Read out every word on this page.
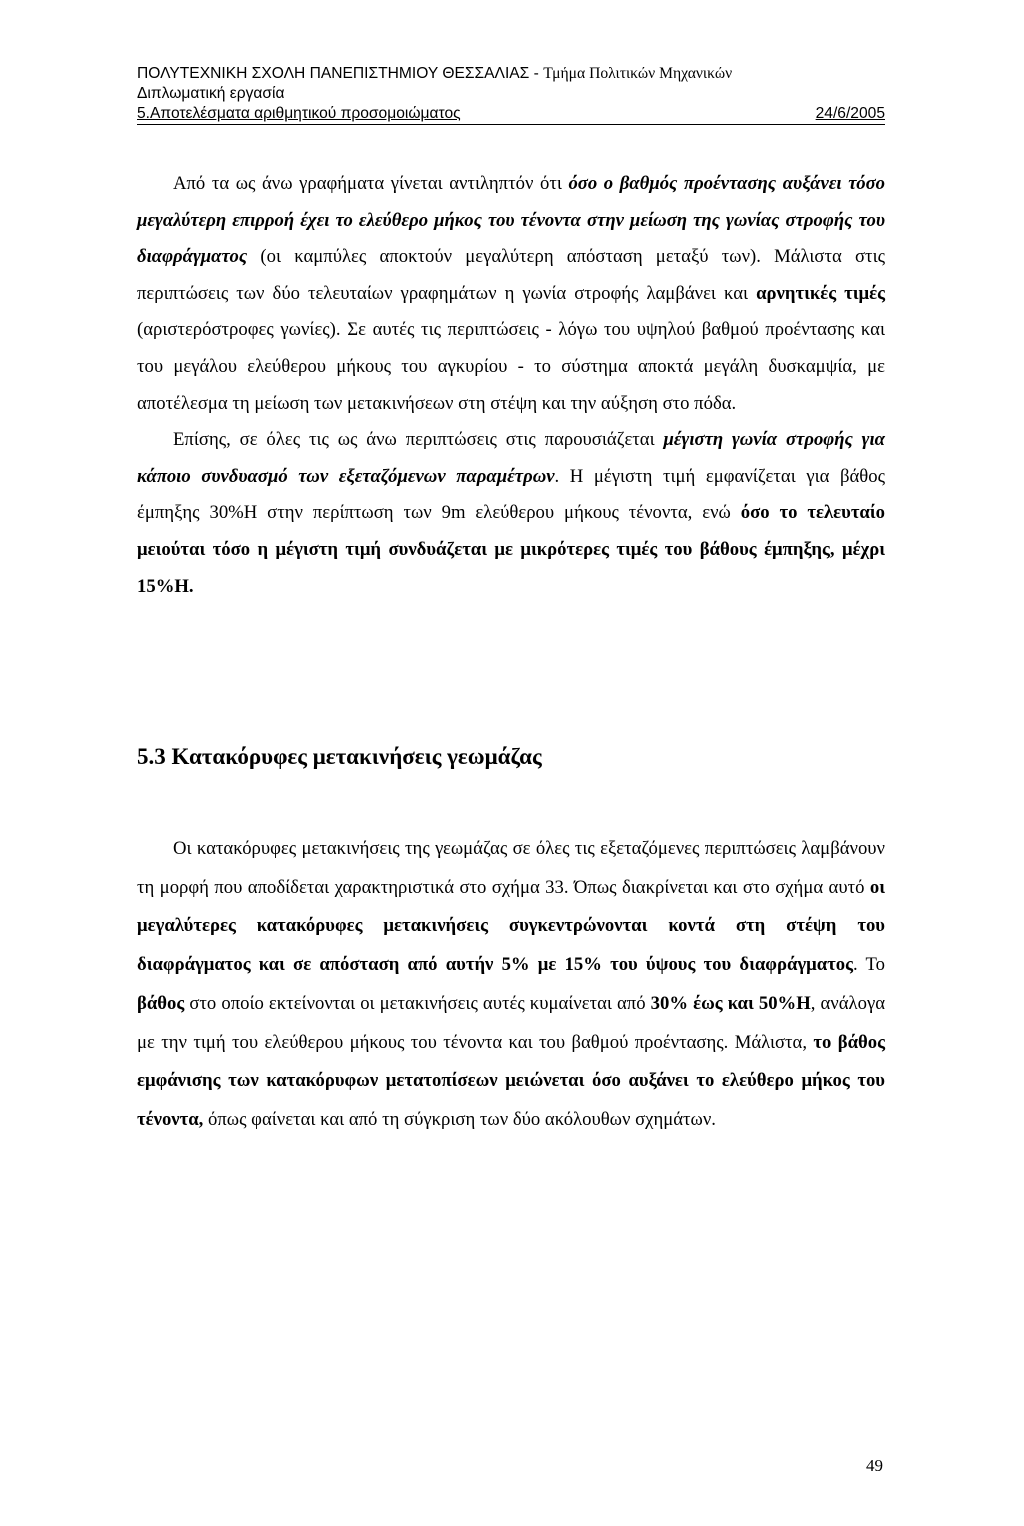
ΠΟΛΥΤΕΧΝΙΚΗ ΣΧΟΛΗ ΠΑΝΕΠΙΣΤΗΜΙΟΥ ΘΕΣΣΑΛΙΑΣ - Τμήμα Πολιτικών Μηχανικών
Διπλωματική εργασία
5.Αποτελέσματα αριθμητικού προσομοιώματος	24/6/2005

Από τα ως άνω γραφήματα γίνεται αντιληπτόν ότι όσο ο βαθμός προέντασης αυξάνει τόσο μεγαλύτερη επιρροή έχει το ελεύθερο μήκος του τένοντα στην μείωση της γωνίας στροφής του διαφράγματος (οι καμπύλες αποκτούν μεγαλύτερη απόσταση μεταξύ των). Μάλιστα στις περιπτώσεις των δύο τελευταίων γραφημάτων η γωνία στροφής λαμβάνει και αρνητικές τιμές (αριστερόστροφες γωνίες). Σε αυτές τις περιπτώσεις - λόγω του υψηλού βαθμού προέντασης και του μεγάλου ελεύθερου μήκους του αγκυρίου - το σύστημα αποκτά μεγάλη δυσκαμψία, με αποτέλεσμα τη μείωση των μετακινήσεων στη στέψη και την αύξηση στο πόδα.

Επίσης, σε όλες τις ως άνω περιπτώσεις στις παρουσιάζεται μέγιστη γωνία στροφής για κάποιο συνδυασμό των εξεταζόμενων παραμέτρων. Η μέγιστη τιμή εμφανίζεται για βάθος έμπηξης 30%Η στην περίπτωση των 9m ελεύθερου μήκους τένοντα, ενώ όσο το τελευταίο μειούται τόσο η μέγιστη τιμή συνδυάζεται με μικρότερες τιμές του βάθους έμπηξης, μέχρι 15%Η.

5.3 Κατακόρυφες μετακινήσεις γεωμάζας

Οι κατακόρυφες μετακινήσεις της γεωμάζας σε όλες τις εξεταζόμενες περιπτώσεις λαμβάνουν τη μορφή που αποδίδεται χαρακτηριστικά στο σχήμα 33. Όπως διακρίνεται και στο σχήμα αυτό οι μεγαλύτερες κατακόρυφες μετακινήσεις συγκεντρώνονται κοντά στη στέψη του διαφράγματος και σε απόσταση από αυτήν 5% με 15% του ύψους του διαφράγματος. Το βάθος στο οποίο εκτείνονται οι μετακινήσεις αυτές κυμαίνεται από 30% έως και 50%Η, ανάλογα με την τιμή του ελεύθερου μήκους του τένοντα και του βαθμού προέντασης. Μάλιστα, το βάθος εμφάνισης των κατακόρυφων μετατοπίσεων μειώνεται όσο αυξάνει το ελεύθερο μήκος του τένοντα, όπως φαίνεται και από τη σύγκριση των δύο ακόλουθων σχημάτων.

49
